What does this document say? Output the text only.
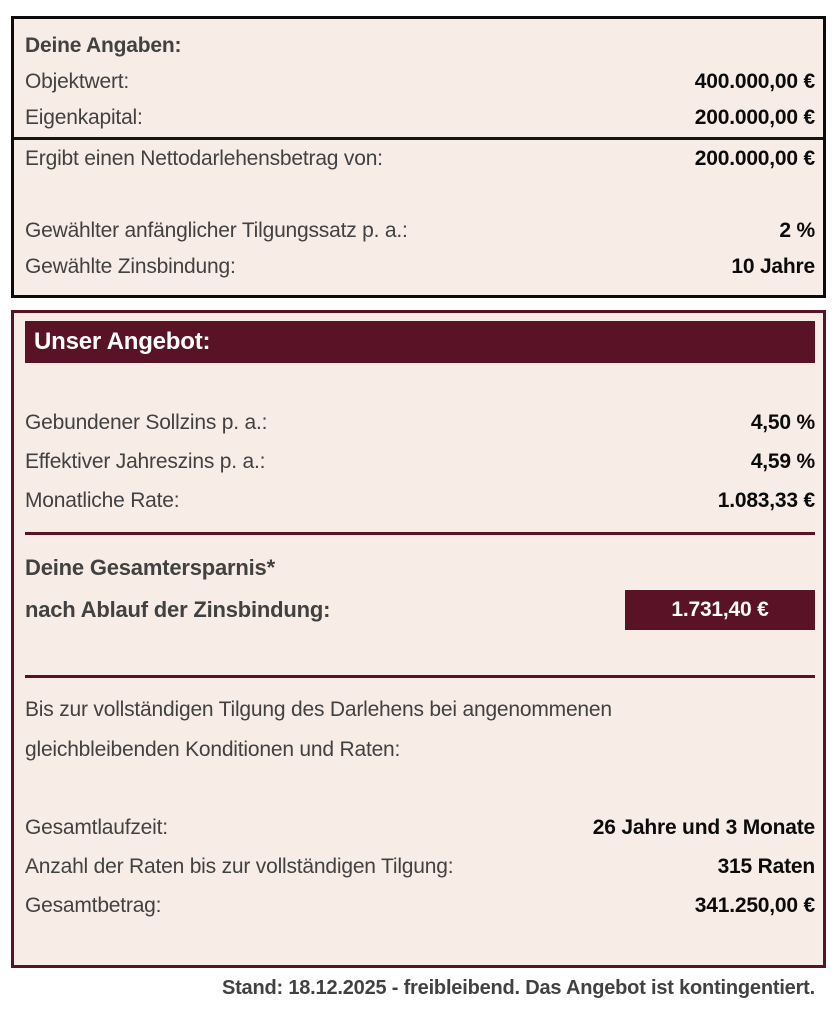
Deine Angaben:
Objektwert:	400.000,00 €
Eigenkapital:	200.000,00 €
Ergibt einen Nettodarlehensbetrag von:	200.000,00 €
Gewählter anfänglicher Tilgungssatz p. a.:	2 %
Gewählte Zinsbindung:	10 Jahre
Unser Angebot:
Gebundener Sollzins p. a.:	4,50 %
Effektiver Jahreszins p. a.:	4,59 %
Monatliche Rate:	1.083,33 €
Deine Gesamtersparnis*
nach Ablauf der Zinsbindung:	1.731,40 €
Bis zur vollständigen Tilgung des Darlehens bei angenommenen
gleichbleibenden Konditionen und Raten:
Gesamtlaufzeit:	26 Jahre und 3 Monate
Anzahl der Raten bis zur vollständigen Tilgung:	315 Raten
Gesamtbetrag:	341.250,00 €
Stand: 18.12.2025 - freibleibend. Das Angebot ist kontingentiert.
